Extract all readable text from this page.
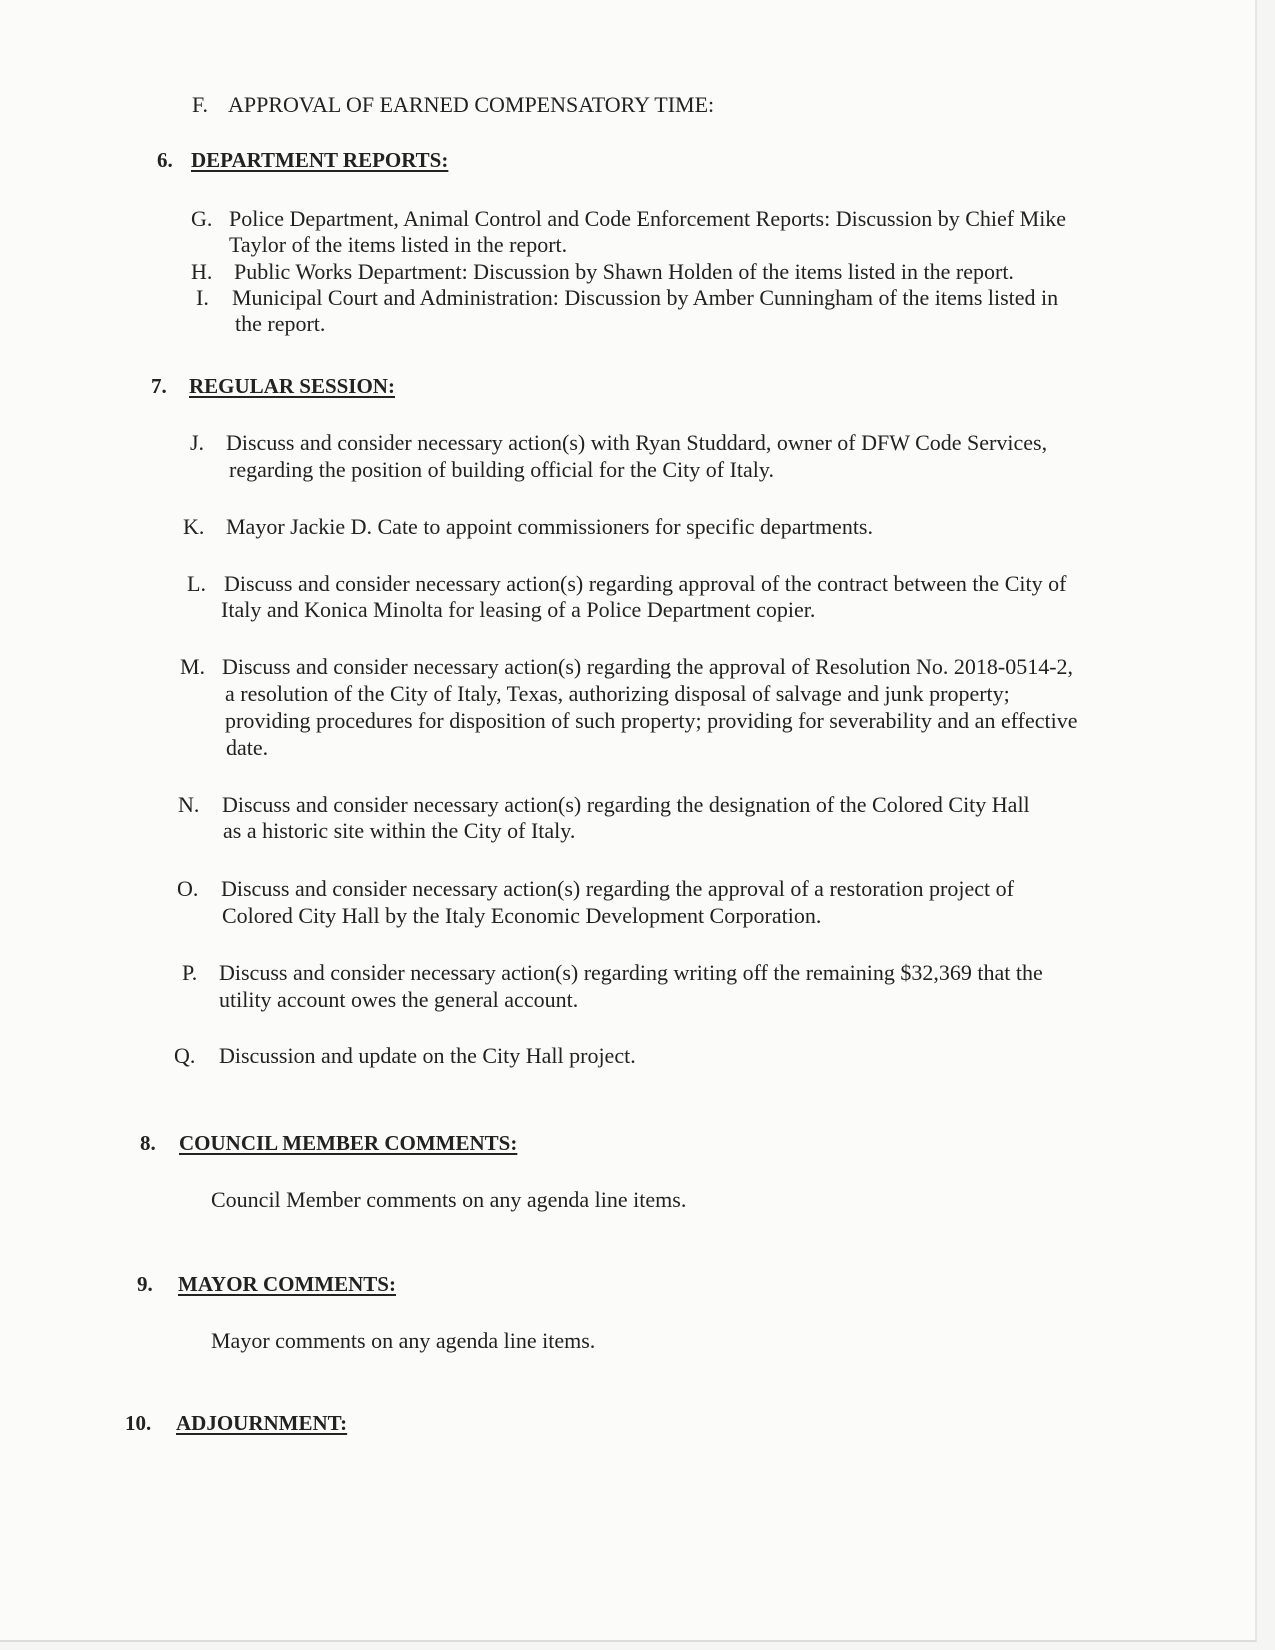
F. APPROVAL OF EARNED COMPENSATORY TIME:
6. DEPARTMENT REPORTS:
G. Police Department, Animal Control and Code Enforcement Reports: Discussion by Chief Mike
Taylor of the items listed in the report.
H. Public Works Department: Discussion by Shawn Holden of the items listed in the report.
I. Municipal Court and Administration: Discussion by Amber Cunningham of the items listed in
the report.
7. REGULAR SESSION:
J. Discuss and consider necessary action(s) with Ryan Studdard, owner of DFW Code Services,
regarding the position of building official for the City of Italy.
K. Mayor Jackie D. Cate to appoint commissioners for specific departments.
L. Discuss and consider necessary action(s) regarding approval of the contract between the City of
Italy and Konica Minolta for leasing of a Police Department copier.
M. Discuss and consider necessary action(s) regarding the approval of Resolution No. 2018-0514-2,
a resolution of the City of Italy, Texas, authorizing disposal of salvage and junk property;
providing procedures for disposition of such property; providing for severability and an effective
date.
N. Discuss and consider necessary action(s) regarding the designation of the Colored City Hall
as a historic site within the City of Italy.
O. Discuss and consider necessary action(s) regarding the approval of a restoration project of
Colored City Hall by the Italy Economic Development Corporation.
P. Discuss and consider necessary action(s) regarding writing off the remaining $32,369 that the
utility account owes the general account.
Q. Discussion and update on the City Hall project.
8. COUNCIL MEMBER COMMENTS:
Council Member comments on any agenda line items.
9. MAYOR COMMENTS:
Mayor comments on any agenda line items.
10. ADJOURNMENT:
